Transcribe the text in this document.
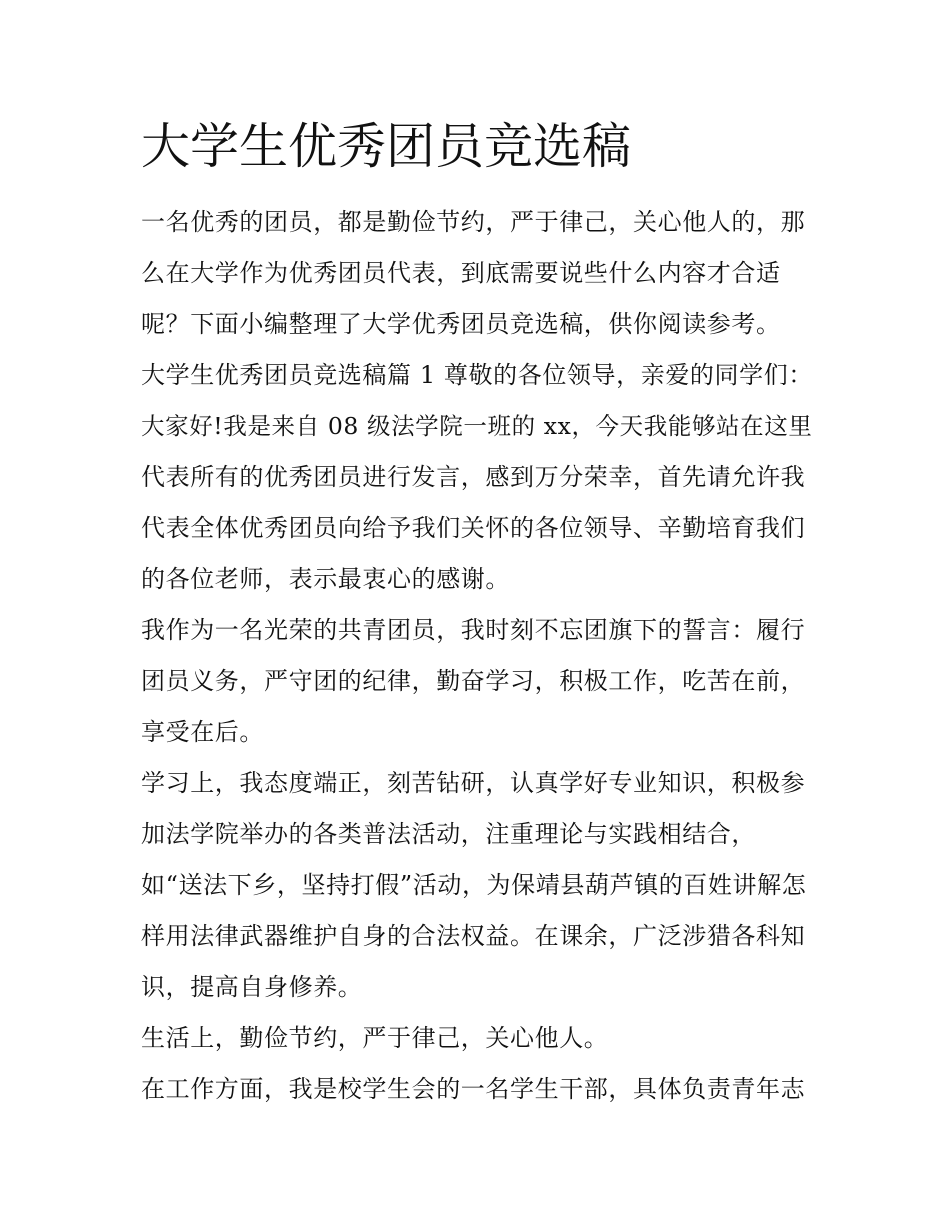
大学生优秀团员竞选稿
一名优秀的团员，都是勤俭节约，严于律己，关心他人的，那
么在大学作为优秀团员代表，到底需要说些什么内容才合适
呢？下面小编整理了大学优秀团员竞选稿，供你阅读参考。
大学生优秀团员竞选稿篇 1 尊敬的各位领导，亲爱的同学们：
大家好!我是来自 08 级法学院一班的 xx，今天我能够站在这里
代表所有的优秀团员进行发言，感到万分荣幸，首先请允许我
代表全体优秀团员向给予我们关怀的各位领导、辛勤培育我们
的各位老师，表示最衷心的感谢。
我作为一名光荣的共青团员，我时刻不忘团旗下的誓言：履行
团员义务，严守团的纪律，勤奋学习，积极工作，吃苦在前，
享受在后。
学习上，我态度端正，刻苦钻研，认真学好专业知识，积极参
加法学院举办的各类普法活动，注重理论与实践相结合，
如“送法下乡，坚持打假”活动，为保靖县葫芦镇的百姓讲解怎
样用法律武器维护自身的合法权益。在课余，广泛涉猎各科知
识，提高自身修养。
生活上，勤俭节约，严于律己，关心他人。
在工作方面，我是校学生会的一名学生干部，具体负责青年志
